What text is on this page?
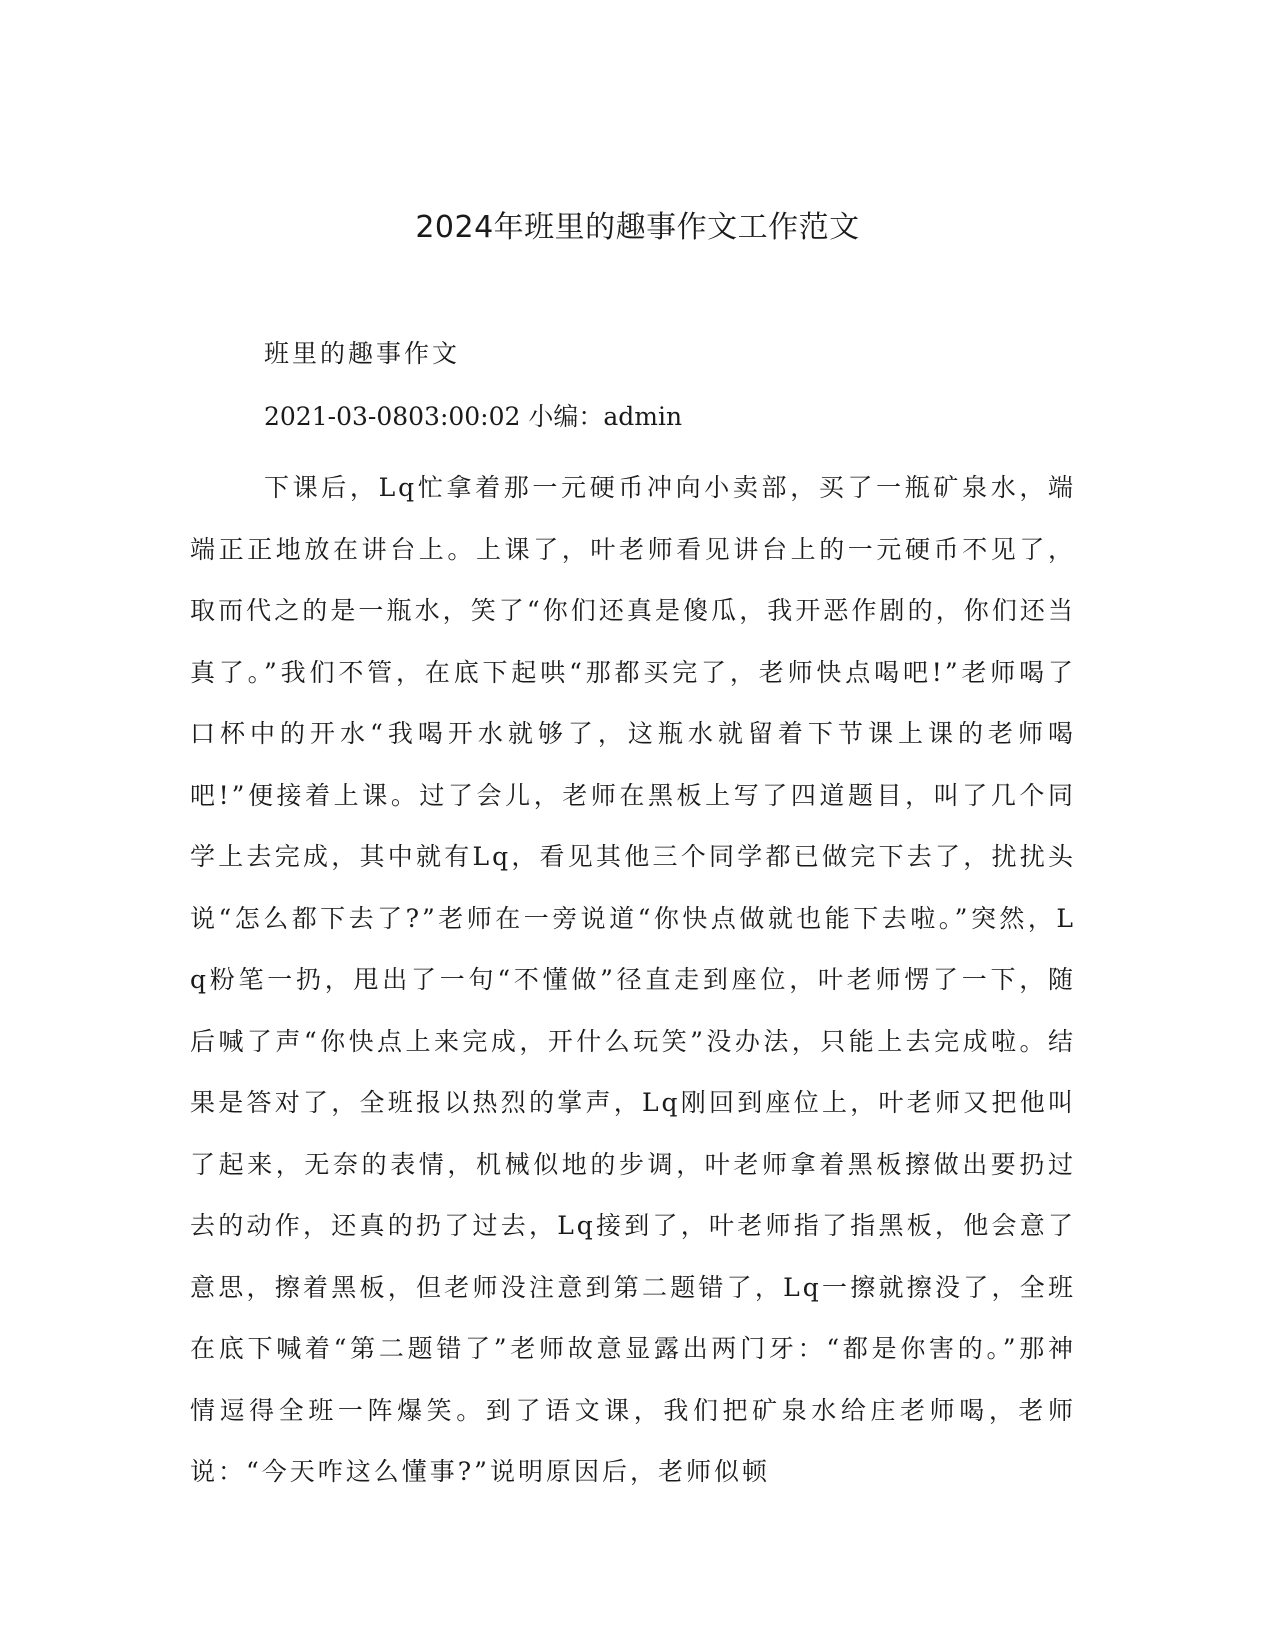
2024年班里的趣事作文工作范文

班里的趣事作文

2021-03-0803:00:02 小编：admin

下课后，Lq忙拿着那一元硬币冲向小卖部，买了一瓶矿泉水，端端正正地放在讲台上。上课了，叶老师看见讲台上的一元硬币不见了，取而代之的是一瓶水，笑了“你们还真是傻瓜，我开恶作剧的，你们还当真了。”我们不管，在底下起哄“那都买完了，老师快点喝吧!”老师喝了口杯中的开水“我喝开水就够了，这瓶水就留着下节课上课的老师喝吧!”便接着上课。过了会儿，老师在黑板上写了四道题目，叫了几个同学上去完成，其中就有Lq，看见其他三个同学都已做完下去了，扰扰头说“怎么都下去了?”老师在一旁说道“你快点做就也能下去啦。”突然，Lq粉笔一扔，甩出了一句“不懂做”径直走到座位，叶老师愣了一下，随后喊了声“你快点上来完成，开什么玩笑”没办法，只能上去完成啦。结果是答对了，全班报以热烈的掌声，Lq刚回到座位上，叶老师又把他叫了起来，无奈的表情，机械似地的步调，叶老师拿着黑板擦做出要扔过去的动作，还真的扔了过去，Lq接到了，叶老师指了指黑板，他会意了意思，擦着黑板，但老师没注意到第二题错了，Lq一擦就擦没了，全班在底下喊着“第二题错了”老师故意显露出两门牙：“都是你害的。”那神情逗得全班一阵爆笑。到了语文课，我们把矿泉水给庄老师喝，老师说：“今天咋这么懂事?”说明原因后，老师似顿
